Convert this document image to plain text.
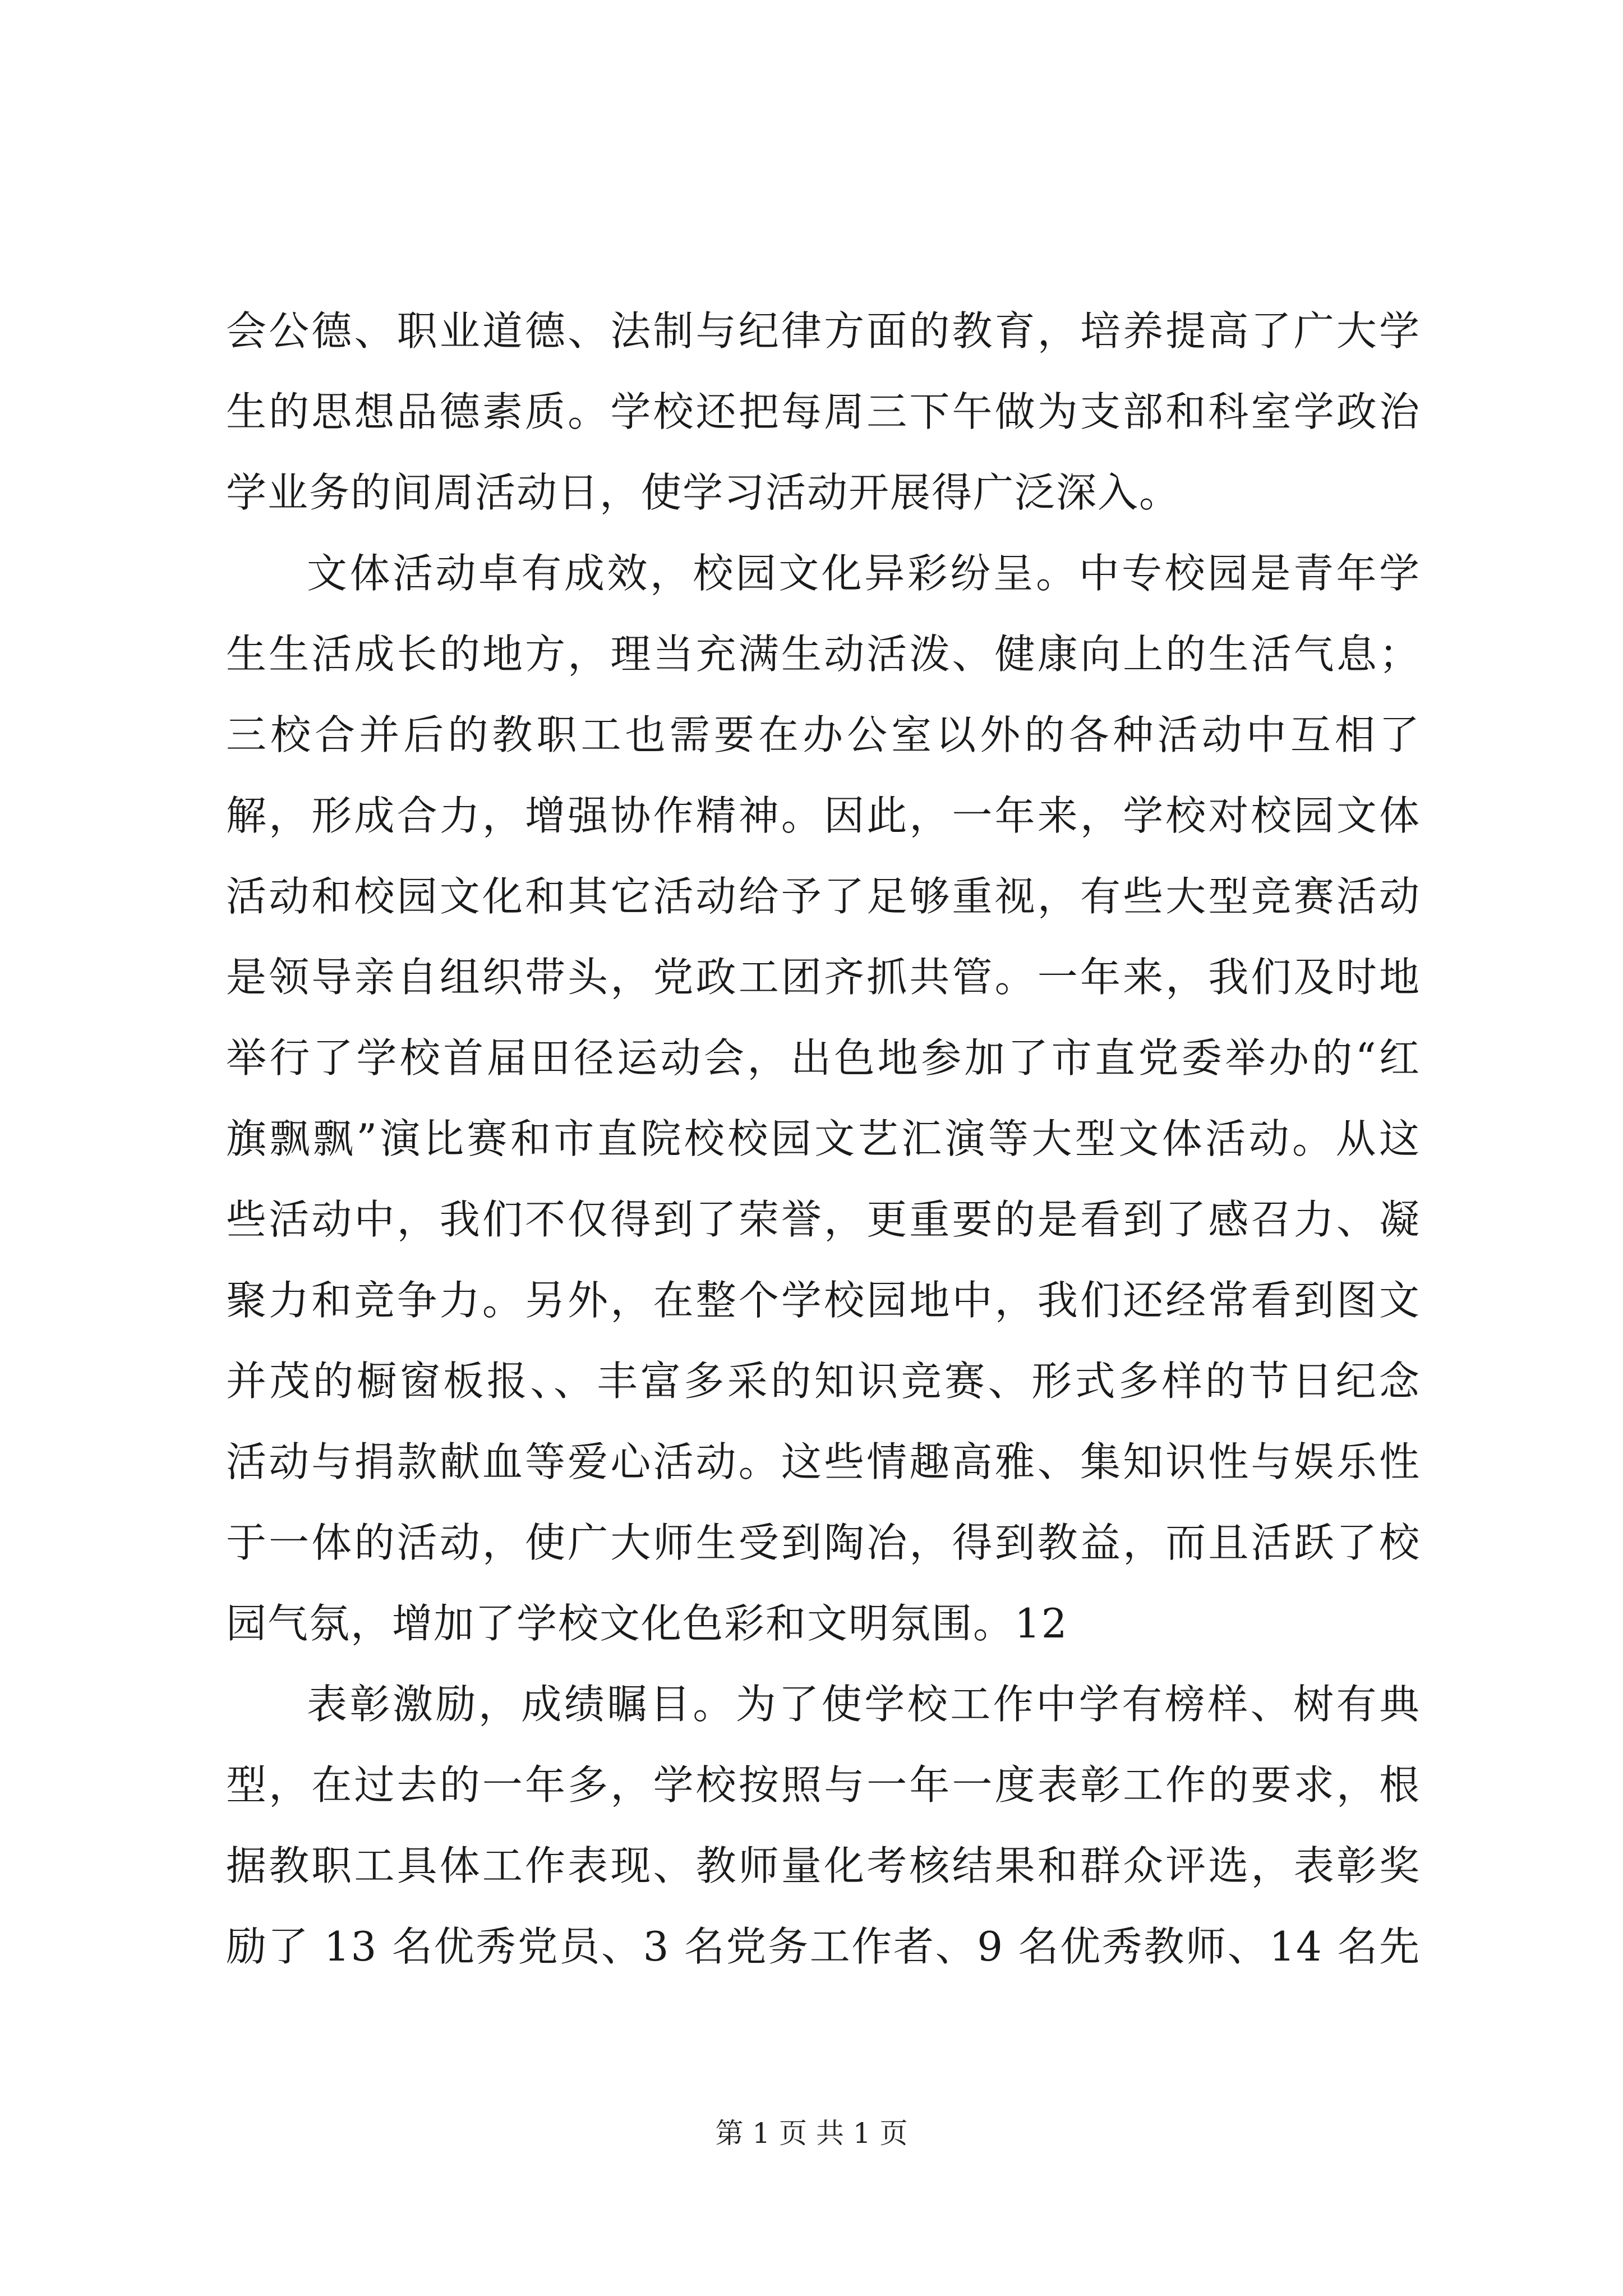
会公德、职业道德、法制与纪律方面的教育，培养提高了广大学
生的思想品德素质。学校还把每周三下午做为支部和科室学政治
学业务的间周活动日，使学习活动开展得广泛深入。
文体活动卓有成效，校园文化异彩纷呈。中专校园是青年学
生生活成长的地方，理当充满生动活泼、健康向上的生活气息；
三校合并后的教职工也需要在办公室以外的各种活动中互相了
解，形成合力，增强协作精神。因此，一年来，学校对校园文体
活动和校园文化和其它活动给予了足够重视，有些大型竞赛活动
是领导亲自组织带头，党政工团齐抓共管。一年来，我们及时地
举行了学校首届田径运动会，出色地参加了市直党委举办的“红
旗飘飘”演比赛和市直院校校园文艺汇演等大型文体活动。从这
些活动中，我们不仅得到了荣誉，更重要的是看到了感召力、凝
聚力和竞争力。另外，在整个学校园地中，我们还经常看到图文
并茂的橱窗板报、、丰富多采的知识竞赛、形式多样的节日纪念
活动与捐款献血等爱心活动。这些情趣高雅、集知识性与娱乐性
于一体的活动，使广大师生受到陶冶，得到教益，而且活跃了校
园气氛，增加了学校文化色彩和文明氛围。12
表彰激励，成绩瞩目。为了使学校工作中学有榜样、树有典
型，在过去的一年多，学校按照与一年一度表彰工作的要求，根
据教职工具体工作表现、教师量化考核结果和群众评选，表彰奖
励了 13 名优秀党员、3 名党务工作者、9 名优秀教师、14 名先
第 1 页 共 1 页
